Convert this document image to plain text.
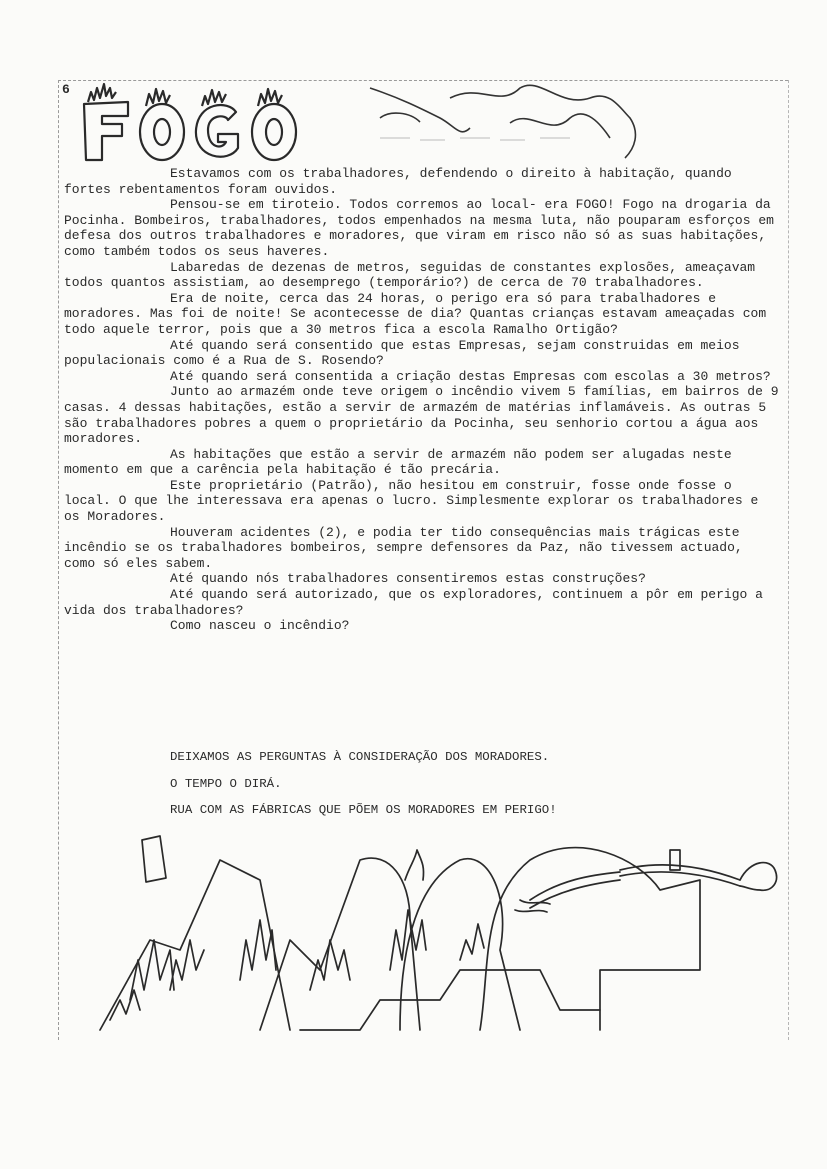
6

Estavamos com os trabalhadores, defendendo o direito à habitação, quando fortes rebentamentos foram ouvidos.

Pensou-se em tiroteio. Todos corremos ao local- era FOGO! Fogo na drogaria da Pocinha. Bombeiros, trabalhadores, todos empenhados na mesma luta, não pouparam esforços em defesa dos outros trabalhadores e moradores, que viram em risco não só as suas habitações, como também todos os seus haveres.

Labaredas de dezenas de metros, seguidas de constantes explosões, ameaçavam todos quantos assistiam, ao desemprego (temporário?) de cerca de 70 trabalhadores.

Era de noite, cerca das 24 horas, o perigo era só para trabalhadores e moradores. Mas foi de noite! Se acontecesse de dia? Quantas crianças estavam ameaçadas com todo aquele terror, pois que a 30 metros fica a escola Ramalho Ortigão?

Até quando será consentido que estas Empresas, sejam construidas em meios populacionais como é a Rua de S. Rosendo?

Até quando será consentida a criação destas Empresas com escolas a 30 metros?

Junto ao armazém onde teve origem o incêndio vivem 5 famílias, em bairros de 9 casas. 4 dessas habitações, estão a servir de armazém de matérias inflamáveis. As outras 5 são trabalhadores pobres a quem o proprietário da Pocinha, seu senhorio cortou a água aos moradores.

As habitações que estão a servir de armazém não podem ser alugadas neste momento em que a carência pela habitação é tão precária.

Este proprietário (Patrão), não hesitou em construir, fosse onde fosse o local. O que lhe interessava era apenas o lucro. Simplesmente explorar os trabalhadores e os Moradores.

Houveram acidentes (2), e podia ter tido consequências mais trágicas este incêndio se os trabalhadores bombeiros, sempre defensores da Paz, não tivessem actuado, como só eles sabem.

Até quando nós trabalhadores consentiremos estas construções?

Até quando será autorizado, que os exploradores, continuem a pôr em perigo a vida dos trabalhadores?

Como nasceu o incêndio?

DEIXAMOS AS PERGUNTAS À CONSIDERAÇÃO DOS MORADORES.

O TEMPO O DIRÁ.

RUA COM AS FÁBRICAS QUE PÕEM OS MORADORES EM PERIGO!
